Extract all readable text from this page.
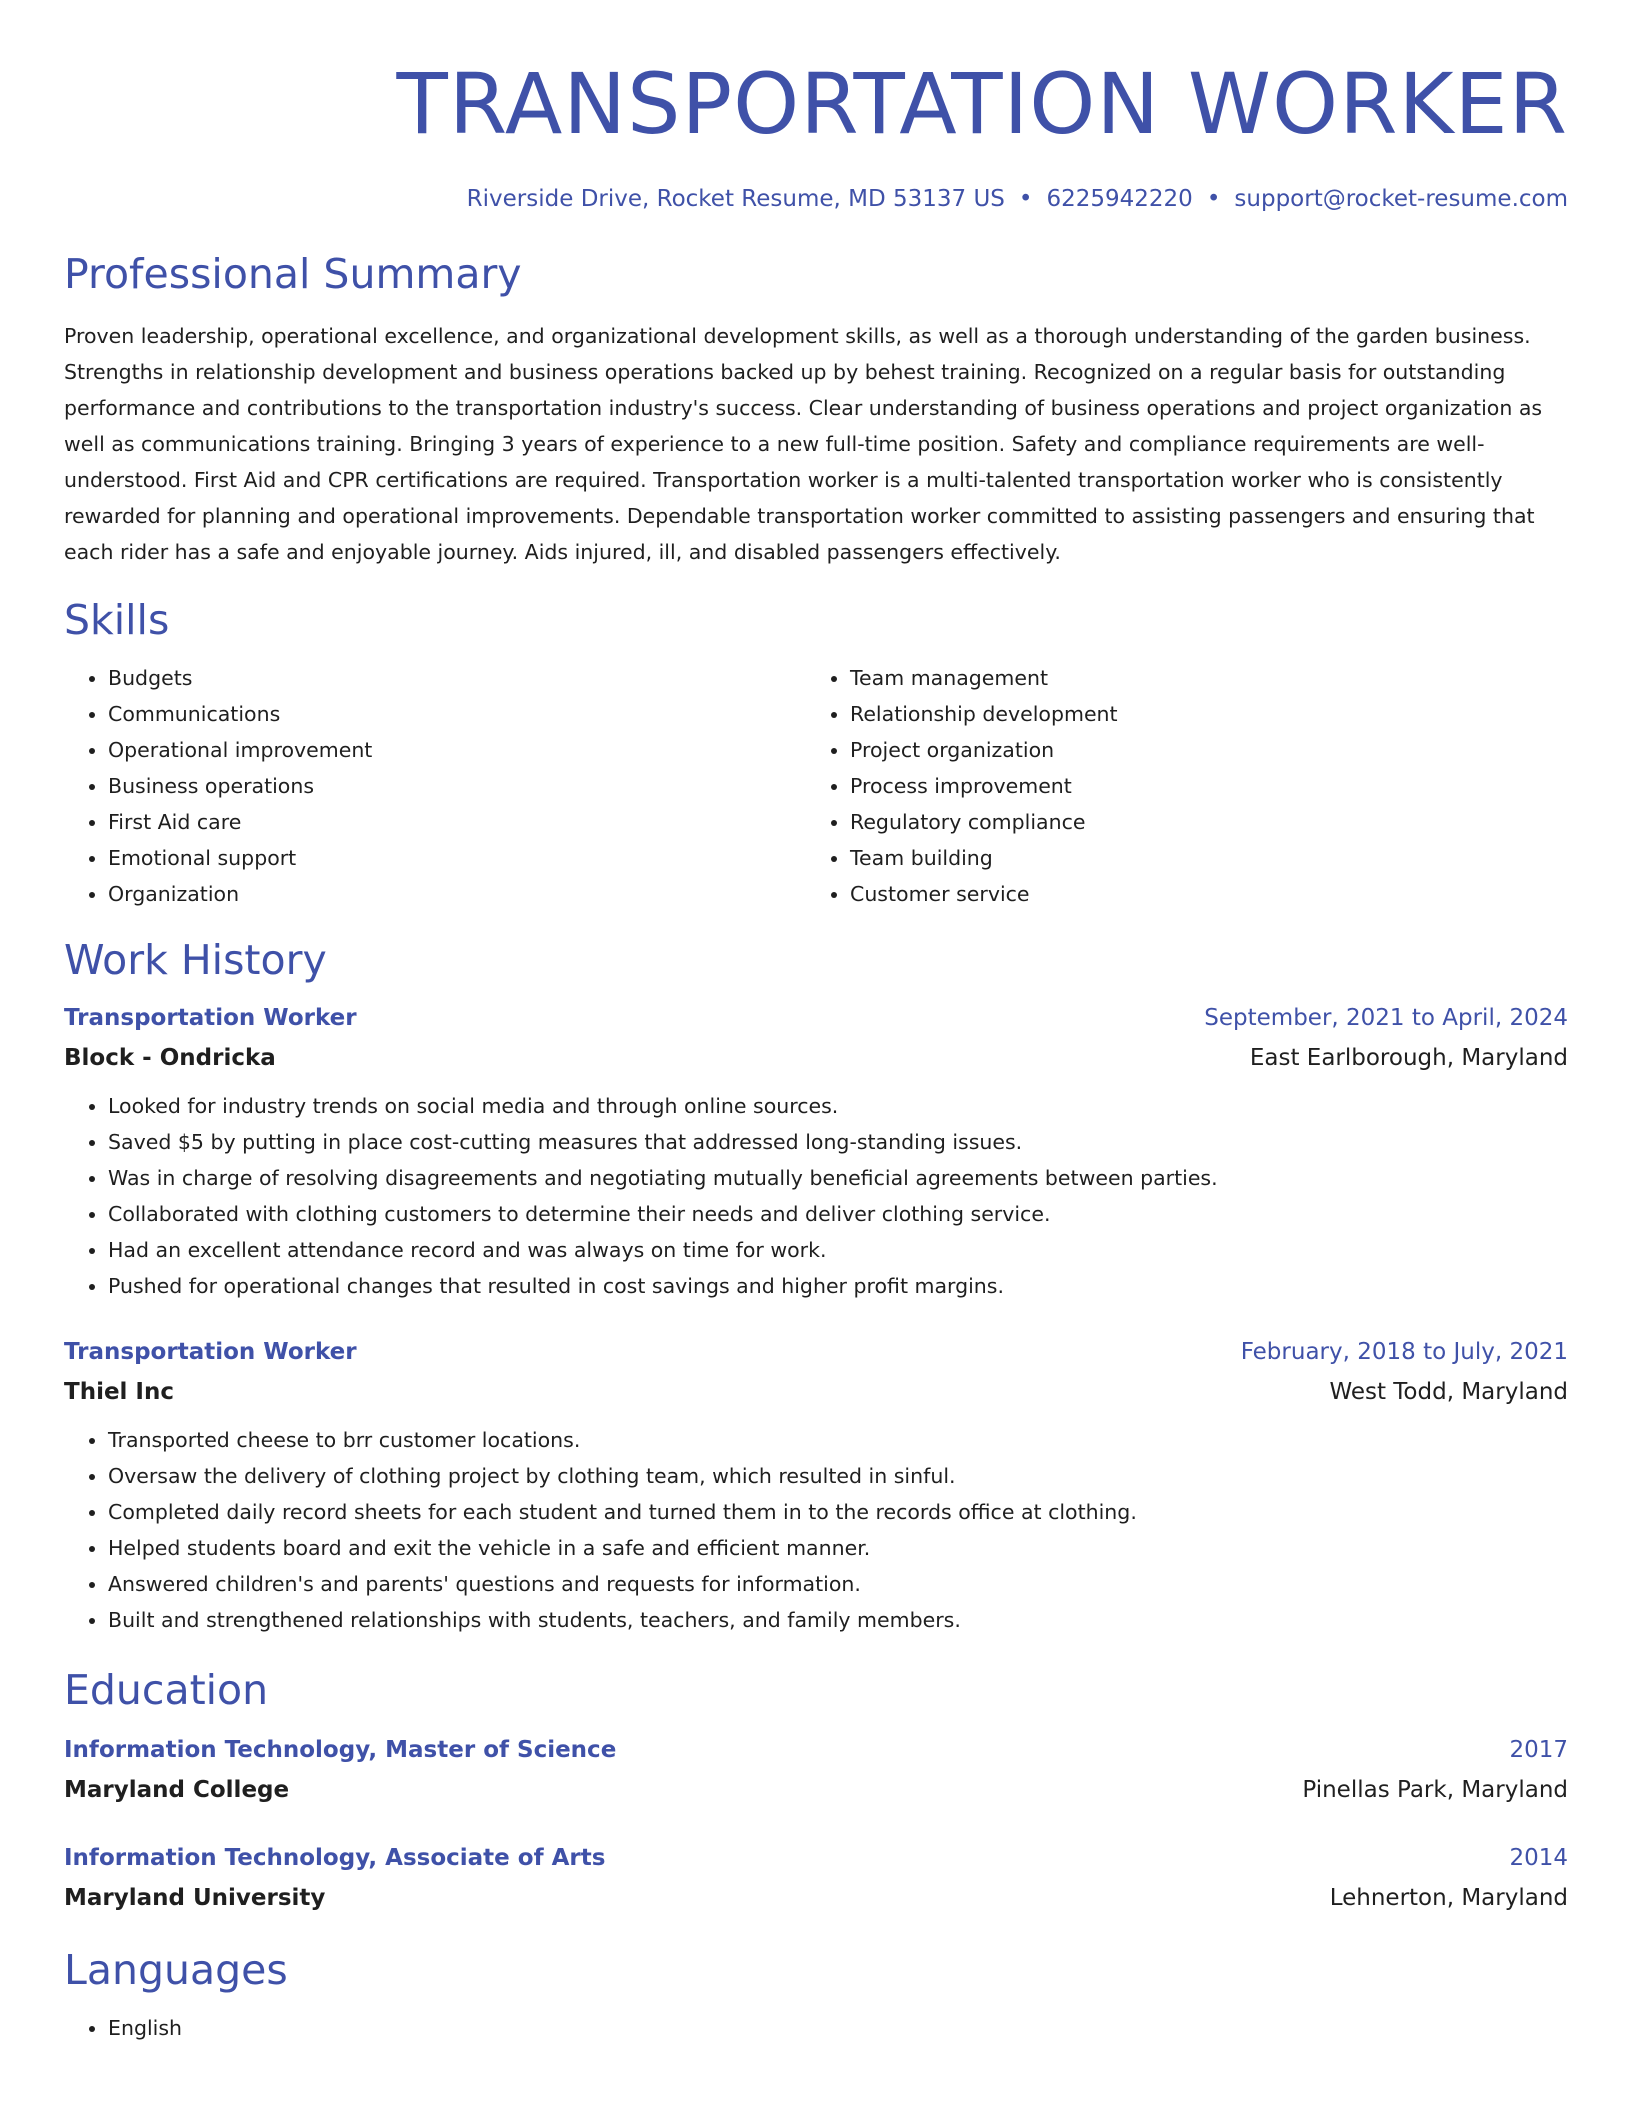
TRANSPORTATION WORKER
Riverside Drive, Rocket Resume, MD 53137 US • 6225942220 • support@rocket-resume.com
Professional Summary
Proven leadership, operational excellence, and organizational development skills, as well as a thorough understanding of the garden business. Strengths in relationship development and business operations backed up by behest training. Recognized on a regular basis for outstanding performance and contributions to the transportation industry's success. Clear understanding of business operations and project organization as well as communications training. Bringing 3 years of experience to a new full-time position. Safety and compliance requirements are well-understood. First Aid and CPR certifications are required. Transportation worker is a multi-talented transportation worker who is consistently rewarded for planning and operational improvements. Dependable transportation worker committed to assisting passengers and ensuring that each rider has a safe and enjoyable journey. Aids injured, ill, and disabled passengers effectively.
Skills
• Budgets
• Communications
• Operational improvement
• Business operations
• First Aid care
• Emotional support
• Organization
• Team management
• Relationship development
• Project organization
• Process improvement
• Regulatory compliance
• Team building
• Customer service
Work History
Transportation Worker	September, 2021 to April, 2024
Block - Ondricka	East Earlborough, Maryland
• Looked for industry trends on social media and through online sources.
• Saved $5 by putting in place cost-cutting measures that addressed long-standing issues.
• Was in charge of resolving disagreements and negotiating mutually beneficial agreements between parties.
• Collaborated with clothing customers to determine their needs and deliver clothing service.
• Had an excellent attendance record and was always on time for work.
• Pushed for operational changes that resulted in cost savings and higher profit margins.
Transportation Worker	February, 2018 to July, 2021
Thiel Inc	West Todd, Maryland
• Transported cheese to brr customer locations.
• Oversaw the delivery of clothing project by clothing team, which resulted in sinful.
• Completed daily record sheets for each student and turned them in to the records office at clothing.
• Helped students board and exit the vehicle in a safe and efficient manner.
• Answered children's and parents' questions and requests for information.
• Built and strengthened relationships with students, teachers, and family members.
Education
Information Technology, Master of Science	2017
Maryland College	Pinellas Park, Maryland
Information Technology, Associate of Arts	2014
Maryland University	Lehnerton, Maryland
Languages
• English
